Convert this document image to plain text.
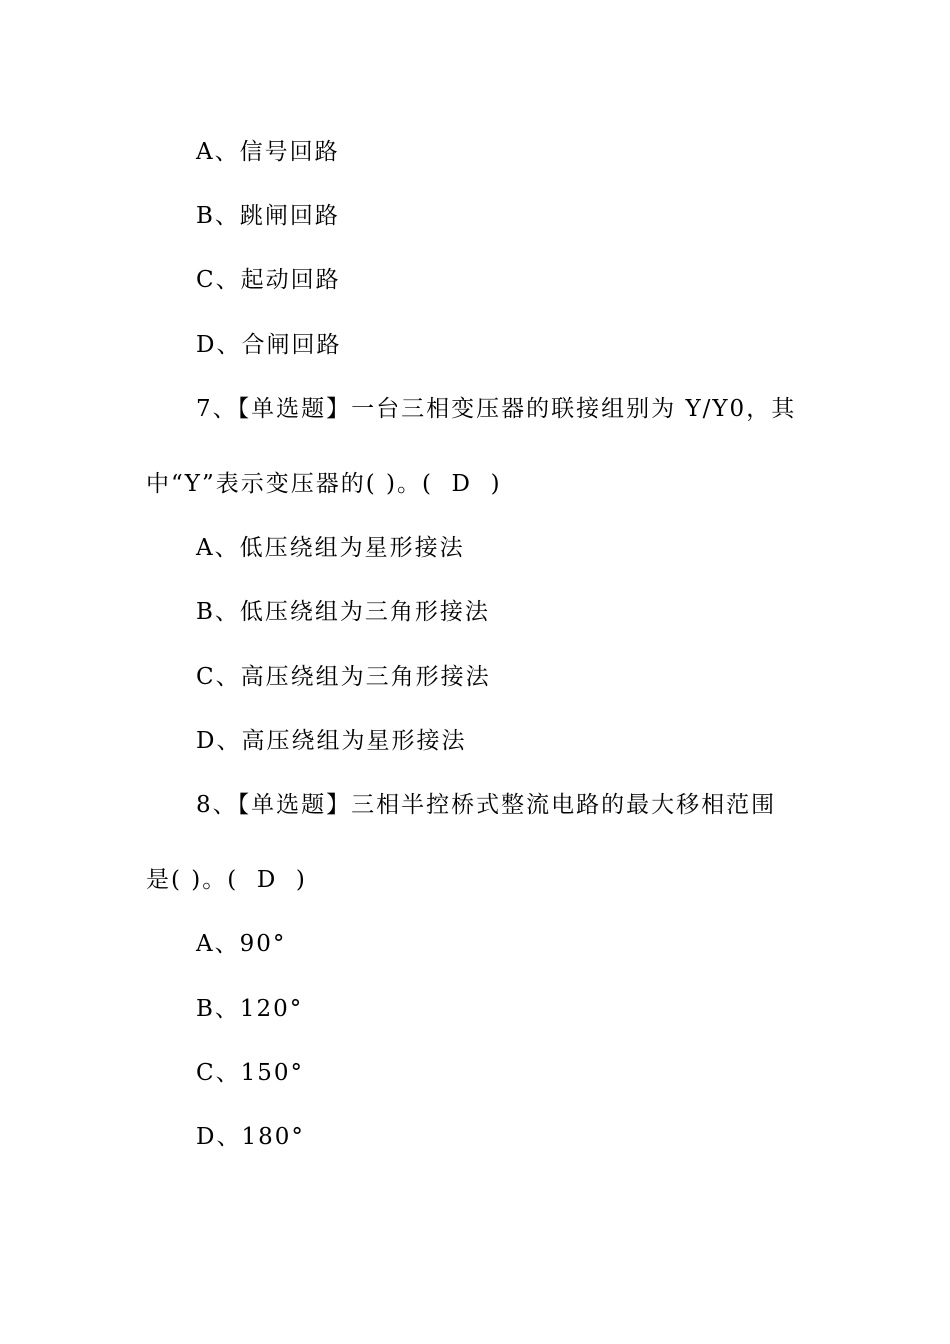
A、信号回路
B、跳闸回路
C、起动回路
D、合闸回路
7、【单选题】一台三相变压器的联接组别为 Y/Y0，其
中“Y”表示变压器的( )。(  D  )
A、低压绕组为星形接法
B、低压绕组为三角形接法
C、高压绕组为三角形接法
D、高压绕组为星形接法
8、【单选题】三相半控桥式整流电路的最大移相范围
是( )。(  D  )
A、90°
B、120°
C、150°
D、180°
